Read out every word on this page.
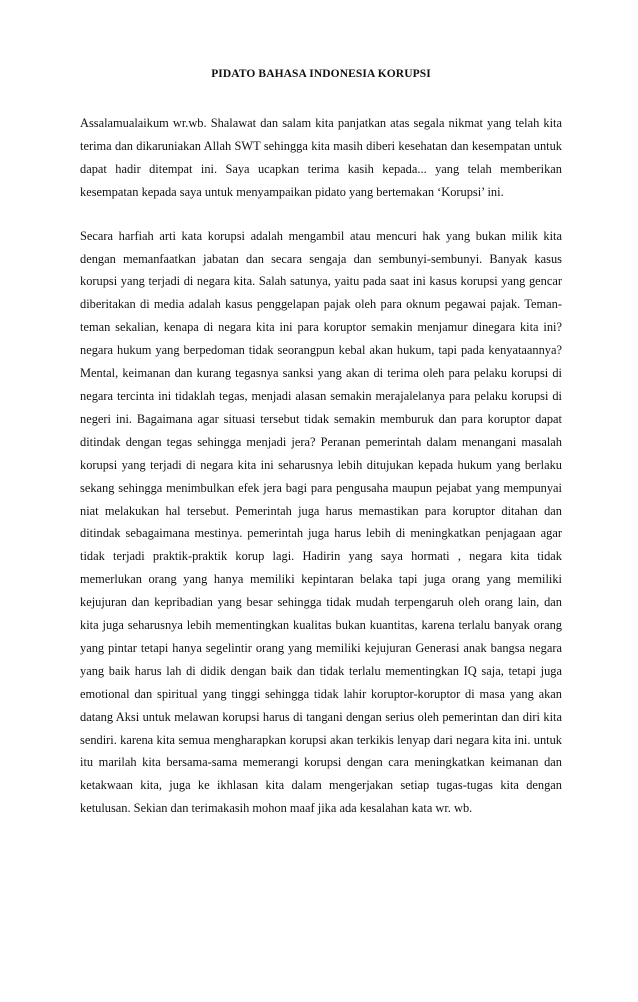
PIDATO BAHASA INDONESIA KORUPSI

Assalamualaikum wr.wb. Shalawat dan salam kita panjatkan atas segala nikmat yang telah kita terima dan dikaruniakan Allah SWT sehingga kita masih diberi kesehatan dan kesempatan untuk dapat hadir ditempat ini. Saya ucapkan terima kasih kepada... yang telah memberikan kesempatan kepada saya untuk menyampaikan pidato yang bertemakan ‘Korupsi’ ini.

Secara harfiah arti kata korupsi adalah mengambil atau mencuri hak yang bukan milik kita dengan memanfaatkan jabatan dan secara sengaja dan sembunyi-sembunyi. Banyak kasus korupsi yang terjadi di negara kita. Salah satunya, yaitu pada saat ini kasus korupsi yang gencar diberitakan di media adalah kasus penggelapan pajak oleh para oknum pegawai pajak. Teman-teman sekalian, kenapa di negara kita ini para koruptor semakin menjamur dinegara kita ini? negara hukum yang berpedoman tidak seorangpun kebal akan hukum, tapi pada kenyataannya? Mental, keimanan dan kurang tegasnya sanksi yang akan di terima oleh para pelaku korupsi di negara tercinta ini tidaklah tegas, menjadi alasan semakin merajalelanya para pelaku korupsi di negeri ini. Bagaimana agar situasi tersebut tidak semakin memburuk dan para koruptor dapat ditindak dengan tegas sehingga menjadi jera? Peranan pemerintah dalam menangani masalah korupsi yang terjadi di negara kita ini seharusnya lebih ditujukan kepada hukum yang berlaku sekang sehingga menimbulkan efek jera bagi para pengusaha maupun pejabat yang mempunyai niat melakukan hal tersebut. Pemerintah juga harus memastikan para koruptor ditahan dan ditindak sebagaimana mestinya. pemerintah juga harus lebih di meningkatkan penjagaan agar tidak terjadi praktik-praktik korup lagi. Hadirin yang saya hormati , negara kita tidak memerlukan orang yang hanya memiliki kepintaran belaka tapi juga orang yang memiliki kejujuran dan kepribadian yang besar sehingga tidak mudah terpengaruh oleh orang lain, dan kita juga seharusnya lebih mementingkan kualitas bukan kuantitas, karena terlalu banyak orang yang pintar tetapi hanya segelintir orang yang memiliki kejujuran Generasi anak bangsa negara yang baik harus lah di didik dengan baik dan tidak terlalu mementingkan IQ saja, tetapi juga emotional dan spiritual yang tinggi sehingga tidak lahir koruptor-koruptor di masa yang akan datang Aksi untuk melawan korupsi harus di tangani dengan serius oleh pemerintan dan diri kita sendiri. karena kita semua mengharapkan korupsi akan terkikis lenyap dari negara kita ini. untuk itu marilah kita bersama-sama memerangi korupsi dengan cara meningkatkan keimanan dan ketakwaan kita, juga ke ikhlasan kita dalam mengerjakan setiap tugas-tugas kita dengan ketulusan. Sekian dan terimakasih mohon maaf jika ada kesalahan kata wr. wb.
